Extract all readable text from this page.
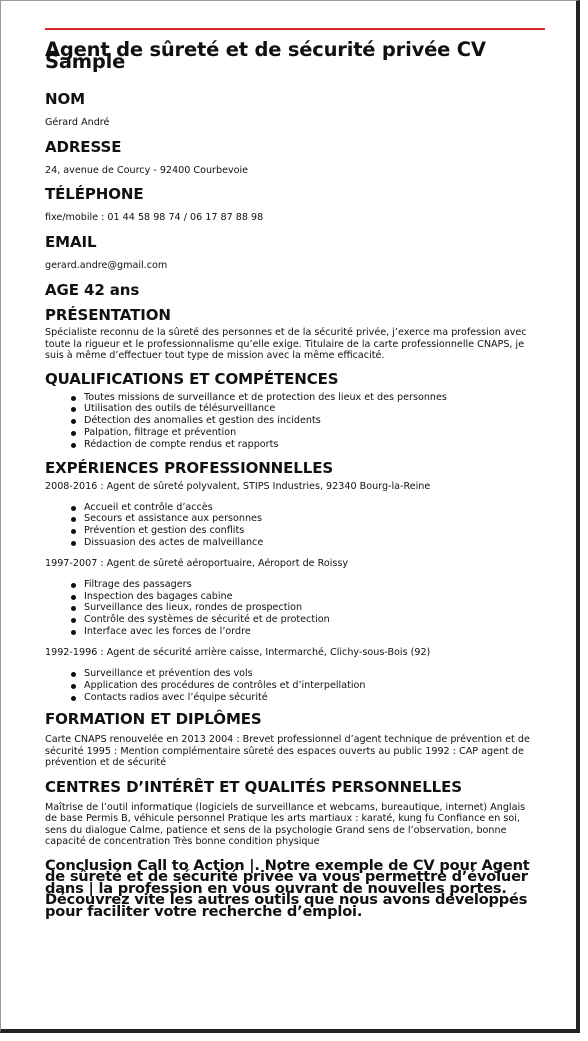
Agent de sûreté et de sécurité privée CV Sample
NOM

Gérard André

ADRESSE

24, avenue de Courcy - 92400 Courbevoie

TÉLÉPHONE

fixe/mobile : 01 44 58 98 74 / 06 17 87 88 98

EMAIL

gerard.andre@gmail.com

AGE 42 ans
PRÉSENTATION

Spécialiste reconnu de la sûreté des personnes et de la sécurité privée, j’exerce ma profession avec toute la rigueur et le professionnalisme qu’elle exige. Titulaire de la carte professionnelle CNAPS, je suis à même d’effectuer tout type de mission avec la même efficacité.

QUALIFICATIONS ET COMPÉTENCES
Toutes missions de surveillance et de protection des lieux et des personnes
Utilisation des outils de télésurveillance
Détection des anomalies et gestion des incidents
Palpation, filtrage et prévention
Rédaction de compte rendus et rapports
EXPÉRIENCES PROFESSIONNELLES

2008-2016 : Agent de sûreté polyvalent, STIPS Industries, 92340 Bourg-la-Reine

Accueil et contrôle d’accès
Secours et assistance aux personnes
Prévention et gestion des conflits
Dissuasion des actes de malveillance

1997-2007 : Agent de sûreté aéroportuaire, Aéroport de Roissy

Filtrage des passagers
Inspection des bagages cabine
Surveillance des lieux, rondes de prospection
Contrôle des systèmes de sécurité et de protection
Interface avec les forces de l’ordre

1992-1996 : Agent de sécurité arrière caisse, Intermarché, Clichy-sous-Bois (92)

Surveillance et prévention des vols
Application des procédures de contrôles et d’interpellation
Contacts radios avec l’équipe sécurité
FORMATION ET DIPLÔMES

Carte CNAPS renouvelée en 2013 2004 : Brevet professionnel d’agent technique de prévention et de sécurité 1995 : Mention complémentaire sûreté des espaces ouverts au public 1992 : CAP agent de prévention et de sécurité

CENTRES D’INTÉRÊT ET QUALITÉS PERSONNELLES

Maîtrise de l’outil informatique (logiciels de surveillance et webcams, bureautique, internet) Anglais de base Permis B, véhicule personnel Pratique les arts martiaux : karaté, kung fu Confiance en soi, sens du dialogue Calme, patience et sens de la psychologie Grand sens de l’observation, bonne capacité de concentration Très bonne condition physique

Conclusion Call to Action |. Notre exemple de CV pour Agent de sûreté et de sécurité privée va vous permettre d’évoluer dans | la profession en vous ouvrant de nouvelles portes. Découvrez vite les autres outils que nous avons développés pour faciliter votre recherche d’emploi.
